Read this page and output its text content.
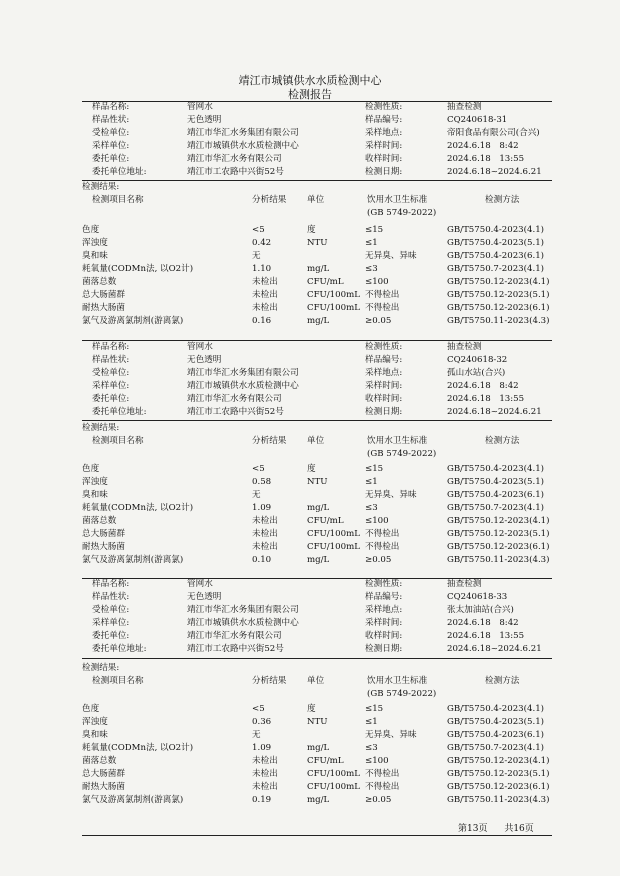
靖江市城镇供水水质检测中心
检测报告
样品名称:	管网水	检测性质:	抽查检测
样品性状:	无色透明	样品编号:	CQ240618-31
受检单位:	靖江市华汇水务集团有限公司	采样地点:	帝阳食品有限公司(合兴)
采样单位:	靖江市城镇供水水质检测中心	采样时间:	2024.6.18　8:42
委托单位:	靖江市华汇水务有限公司	收样时间:	2024.6.18　13:55
委托单位地址:	靖江市工农路中兴街52号	检测日期:	2024.6.18~2024.6.21
检测结果:
检测项目名称	分析结果 单位	饮用水卫生标准	检测方法
(GB 5749-2022)
色度	<5	度	≤15	GB/T5750.4-2023(4.1)
浑浊度	0.42	NTU	≤1	GB/T5750.4-2023(5.1)
臭和味	无	无异臭、异味	GB/T5750.4-2023(6.1)
耗氧量(CODMn法, 以O2计)	1.10	mg/L	≤3	GB/T5750.7-2023(4.1)
菌落总数	未检出	CFU/mL ≤100	GB/T5750.12-2023(4.1)
总大肠菌群	未检出	CFU/100mL 不得检出	GB/T5750.12-2023(5.1)
耐热大肠菌	未检出	CFU/100mL 不得检出	GB/T5750.12-2023(6.1)
氯气及游离氯制剂(游离氯)	0.16	mg/L	≥0.05	GB/T5750.11-2023(4.3)
样品名称:	管网水	检测性质:	抽查检测
样品性状:	无色透明	样品编号:	CQ240618-32
受检单位:	靖江市华汇水务集团有限公司	采样地点:	孤山水站(合兴)
采样单位:	靖江市城镇供水水质检测中心	采样时间:	2024.6.18　8:42
委托单位:	靖江市华汇水务有限公司	收样时间:	2024.6.18　13:55
委托单位地址:	靖江市工农路中兴街52号	检测日期:	2024.6.18~2024.6.21
检测结果:
检测项目名称	分析结果 单位	饮用水卫生标准	检测方法
(GB 5749-2022)
色度	<5	度	≤15	GB/T5750.4-2023(4.1)
浑浊度	0.58	NTU	≤1	GB/T5750.4-2023(5.1)
臭和味	无	无异臭、异味	GB/T5750.4-2023(6.1)
耗氧量(CODMn法, 以O2计)	1.09	mg/L	≤3	GB/T5750.7-2023(4.1)
菌落总数	未检出	CFU/mL ≤100	GB/T5750.12-2023(4.1)
总大肠菌群	未检出	CFU/100mL 不得检出	GB/T5750.12-2023(5.1)
耐热大肠菌	未检出	CFU/100mL 不得检出	GB/T5750.12-2023(6.1)
氯气及游离氯制剂(游离氯)	0.10	mg/L	≥0.05	GB/T5750.11-2023(4.3)
样品名称:	管网水	检测性质:	抽查检测
样品性状:	无色透明	样品编号:	CQ240618-33
受检单位:	靖江市华汇水务集团有限公司	采样地点:	张太加油站(合兴)
采样单位:	靖江市城镇供水水质检测中心	采样时间:	2024.6.18　8:42
委托单位:	靖江市华汇水务有限公司	收样时间:	2024.6.18　13:55
委托单位地址:	靖江市工农路中兴街52号	检测日期:	2024.6.18~2024.6.21
检测结果:
检测项目名称	分析结果 单位	饮用水卫生标准	检测方法
(GB 5749-2022)
色度	<5	度	≤15	GB/T5750.4-2023(4.1)
浑浊度	0.36	NTU	≤1	GB/T5750.4-2023(5.1)
臭和味	无	无异臭、异味	GB/T5750.4-2023(6.1)
耗氧量(CODMn法, 以O2计)	1.09	mg/L	≤3	GB/T5750.7-2023(4.1)
菌落总数	未检出	CFU/mL ≤100	GB/T5750.12-2023(4.1)
总大肠菌群	未检出	CFU/100mL 不得检出	GB/T5750.12-2023(5.1)
耐热大肠菌	未检出	CFU/100mL 不得检出	GB/T5750.12-2023(6.1)
氯气及游离氯制剂(游离氯)	0.19	mg/L	≥0.05	GB/T5750.11-2023(4.3)
第13页 共16页
